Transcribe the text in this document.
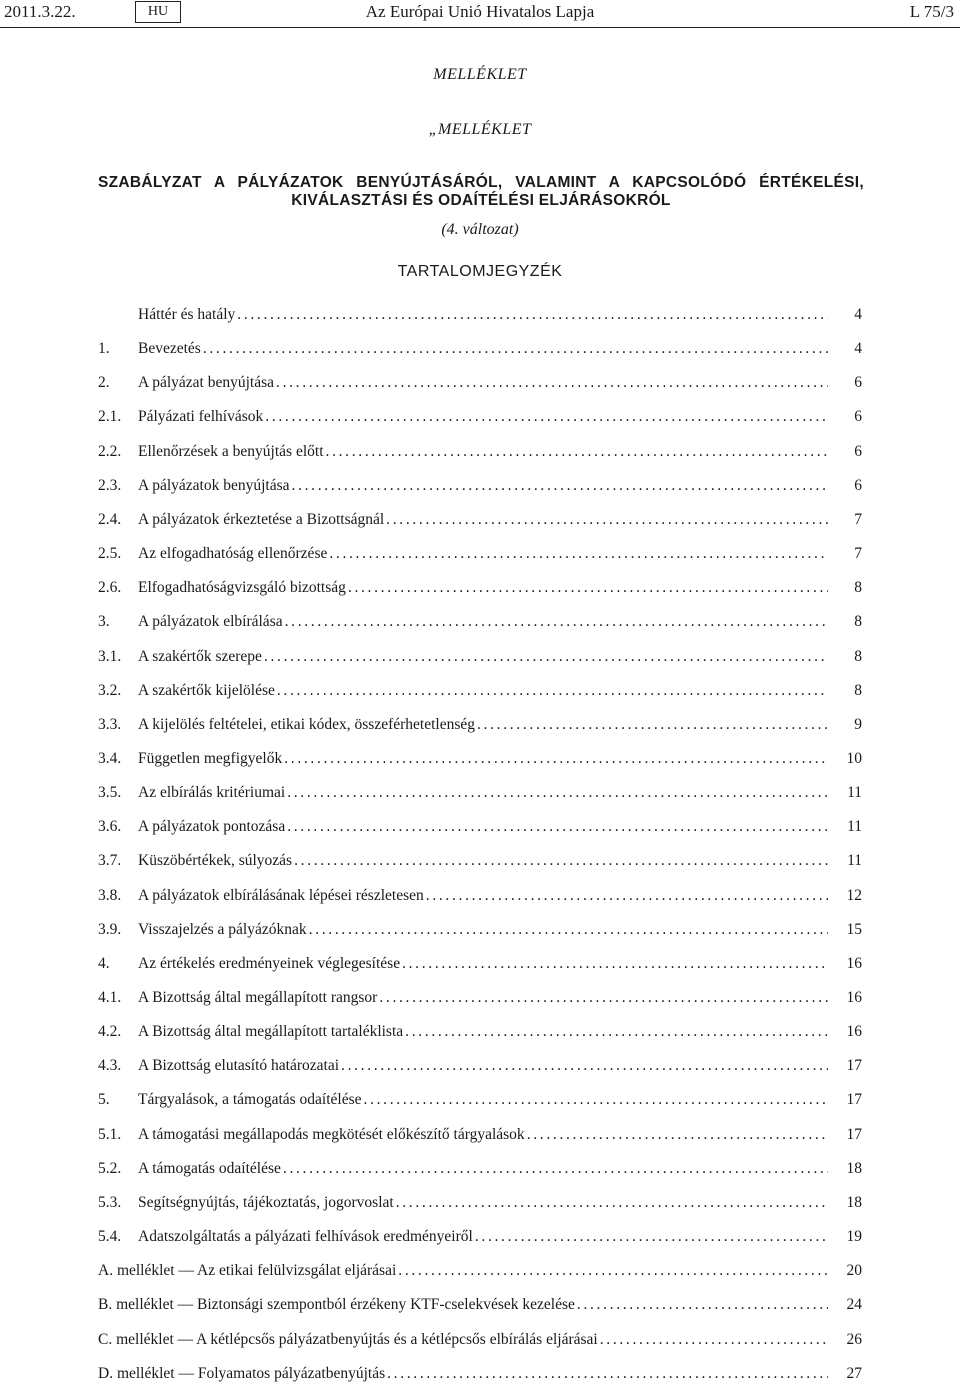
2011.3.22.	HU	Az Európai Unió Hivatalos Lapja	L 75/3
MELLÉKLET
„MELLÉKLET
SZABÁLYZAT A PÁLYÁZATOK BENYÚJTÁSÁRÓL, VALAMINT A KAPCSOLÓDÓ ÉRTÉKELÉSI,
KIVÁLASZTÁSI ÉS ODAÍTÉLÉSI ELJÁRÁSOKRÓL
(4. változat)
TARTALOMJEGYZÉK
Háttér és hatály . . .	4
1.	Bevezetés . . .	4
2.	A pályázat benyújtása . . .	6
2.1.	Pályázati felhívások . . .	6
2.2.	Ellenőrzések a benyújtás előtt . . .	6
2.3.	A pályázatok benyújtása . . .	6
2.4.	A pályázatok érkeztetése a Bizottságnál . . .	7
2.5.	Az elfogadhatóság ellenőrzése . . .	7
2.6.	Elfogadhatóságvizsgáló bizottság . . .	8
3.	A pályázatok elbírálása . . .	8
3.1.	A szakértők szerepe . . .	8
3.2.	A szakértők kijelölése . . .	8
3.3.	A kijelölés feltételei, etikai kódex, összeférhetetlenség . . .	9
3.4.	Független megfigyelők . . .	10
3.5.	Az elbírálás kritériumai . . .	11
3.6.	A pályázatok pontozása . . .	11
3.7.	Küszöbértékek, súlyozás . . .	11
3.8.	A pályázatok elbírálásának lépései részletesen . . .	12
3.9.	Visszajelzés a pályázóknak . . .	15
4.	Az értékelés eredményeinek véglegesítése . . .	16
4.1.	A Bizottság által megállapított rangsor . . .	16
4.2.	A Bizottság által megállapított tartaléklista . . .	16
4.3.	A Bizottság elutasító határozatai . . .	17
5.	Tárgyalások, a támogatás odaítélése . . .	17
5.1.	A támogatási megállapodás megkötését előkészítő tárgyalások . . .	17
5.2.	A támogatás odaítélése . . .	18
5.3.	Segítségnyújtás, tájékoztatás, jogorvoslat . . .	18
5.4.	Adatszolgáltatás a pályázati felhívások eredményeiről . . .	19
A. melléklet — Az etikai felülvizsgálat eljárásai . . .	20
B. melléklet — Biztonsági szempontból érzékeny KTF-cselekvések kezelése . . .	24
C. melléklet — A kétlépcsős pályázatbenyújtás és a kétlépcsős elbírálás eljárásai . . .	26
D. melléklet — Folyamatos pályázatbenyújtás . . .	27
